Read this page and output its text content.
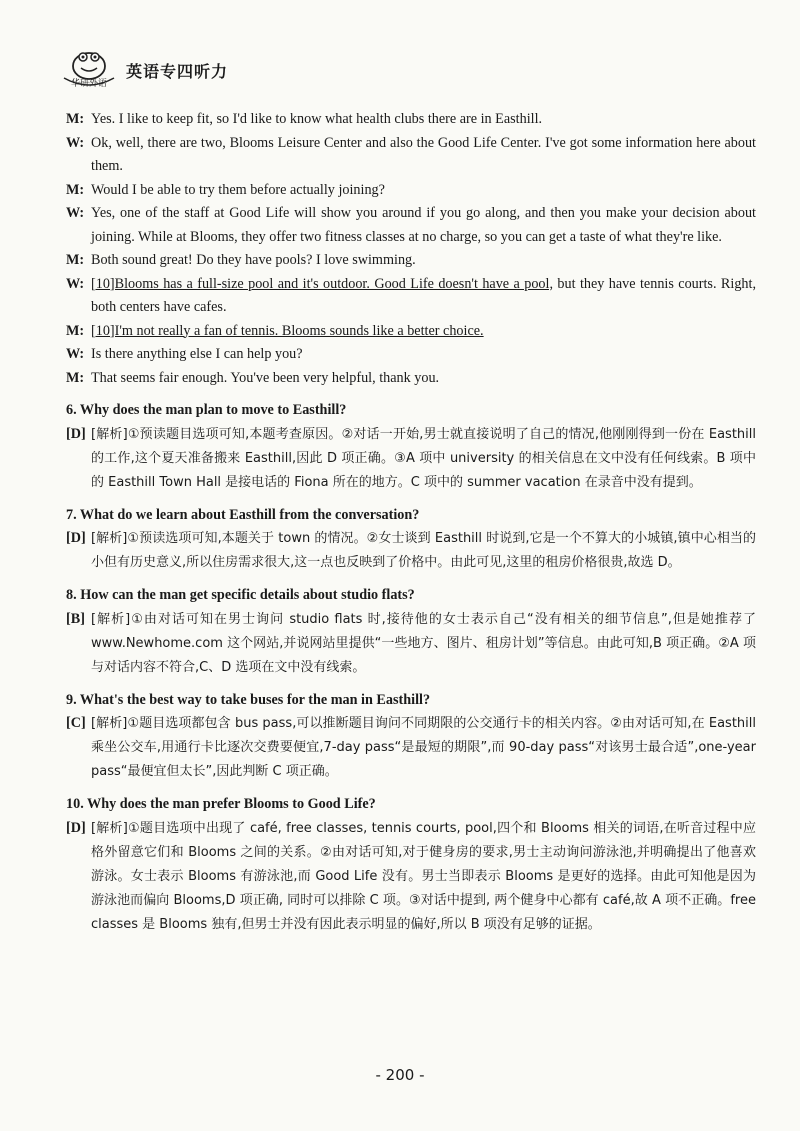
华研外语
英语专四听力
M: Yes. I like to keep fit, so I'd like to know what health clubs there are in Easthill.
W: Ok, well, there are two, Blooms Leisure Center and also the Good Life Center. I've got some information here about them.
M: Would I be able to try them before actually joining?
W: Yes, one of the staff at Good Life will show you around if you go along, and then you make your decision about joining. While at Blooms, they offer two fitness classes at no charge, so you can get a taste of what they're like.
M: Both sound great! Do they have pools? I love swimming.
W: [10]Blooms has a full-size pool and it's outdoor. Good Life doesn't have a pool, but they have tennis courts. Right, both centers have cafes.
M: [10]I'm not really a fan of tennis. Blooms sounds like a better choice.
W: Is there anything else I can help you?
M: That seems fair enough. You've been very helpful, thank you.
6. Why does the man plan to move to Easthill?
[D] [解析]①预读题目选项可知,本题考查原因。②对话一开始,男士就直接说明了自己的情况,他刚刚得到一份在 Easthill 的工作,这个夏天准备搬来 Easthill,因此 D 项正确。③A 项中 university 的相关信息在文中没有任何线索。B 项中的 Easthill Town Hall 是接电话的 Fiona 所在的地方。C 项中的 summer vacation 在录音中没有提到。
7. What do we learn about Easthill from the conversation?
[D] [解析]①预读选项可知,本题关于 town 的情况。②女士谈到 Easthill 时说到,它是一个不算大的小城镇,镇中心相当的小但有历史意义,所以住房需求很大,这一点也反映到了价格中。由此可见,这里的租房价格很贵,故选 D。
8. How can the man get specific details about studio flats?
[B] [解析]①由对话可知在男士询问 studio flats 时,接待他的女士表示自己“没有相关的细节信息”,但是她推荐了 www.Newhome.com 这个网站,并说网站里提供“一些地方、图片、租房计划”等信息。由此可知,B 项正确。②A 项与对话内容不符合,C、D 选项在文中没有线索。
9. What's the best way to take buses for the man in Easthill?
[C] [解析]①题目选项都包含 bus pass,可以推断题目询问不同期限的公交通行卡的相关内容。②由对话可知,在 Easthill 乘坐公交车,用通行卡比逐次交费要便宜,7-day pass“是最短的期限”,而 90-day pass“对该男士最合适”,one-year pass“最便宜但太长”,因此判断 C 项正确。
10. Why does the man prefer Blooms to Good Life?
[D] [解析]①题目选项中出现了 café, free classes, tennis courts, pool,四个和 Blooms 相关的词语,在听音过程中应格外留意它们和 Blooms 之间的关系。②由对话可知,对于健身房的要求,男士主动询问游泳池,并明确提出了他喜欢游泳。女士表示 Blooms 有游泳池,而 Good Life 没有。男士当即表示 Blooms 是更好的选择。由此可知他是因为游泳池而偏向 Blooms,D 项正确, 同时可以排除 C 项。③对话中提到, 两个健身中心都有 café,故 A 项不正确。free classes 是 Blooms 独有,但男士并没有因此表示明显的偏好,所以 B 项没有足够的证据。
- 200 -
